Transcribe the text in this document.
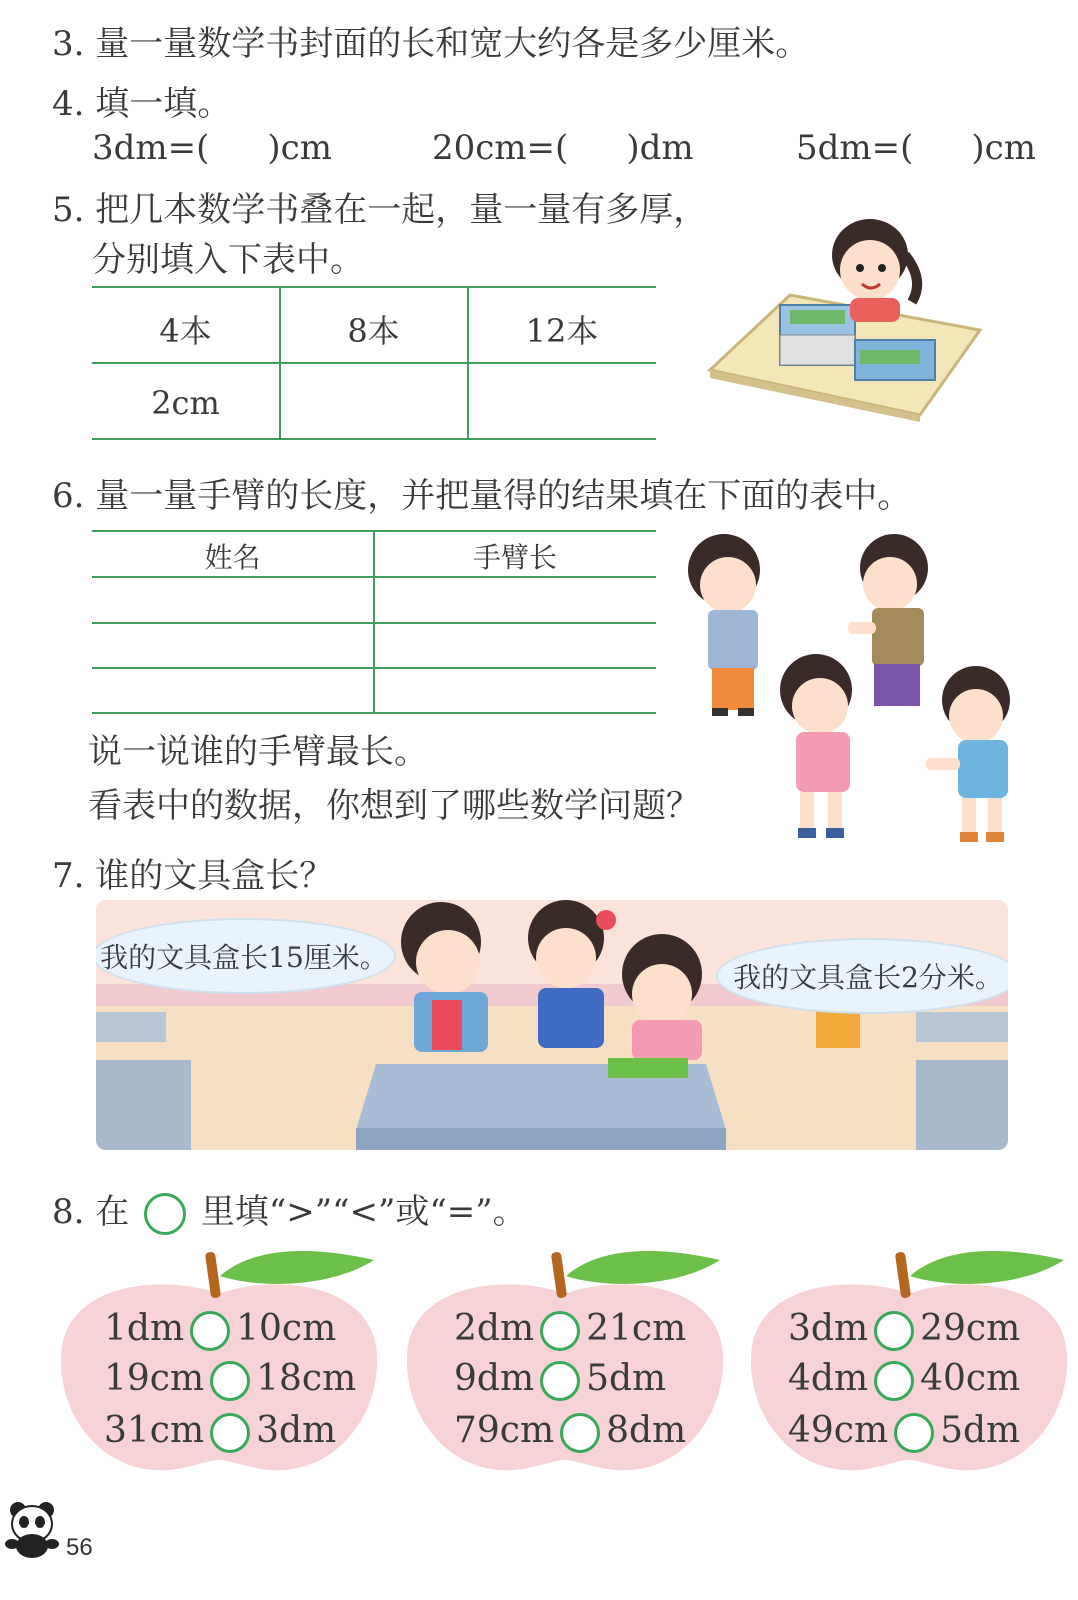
3. 量一量数学书封面的长和宽大约各是多少厘米。
4. 填一填。
3dm=( )cm	20cm=( )dm	5dm=( )cm
5. 把几本数学书叠在一起，量一量有多厚，
分别填入下表中。
4本	8本	12本
2cm
6. 量一量手臂的长度，并把量得的结果填在下面的表中。
姓名	手臂长
说一说谁的手臂最长。
看表中的数据，你想到了哪些数学问题？
7. 谁的文具盒长？
我的文具盒长15厘米。
我的文具盒长2分米。
8. 在 里填“>”“<”或“=”。
1dm 10cm
19cm 18cm
31cm 3dm
2dm 21cm
9dm 5dm
79cm 8dm
3dm 29cm
4dm 40cm
49cm 5dm
56
